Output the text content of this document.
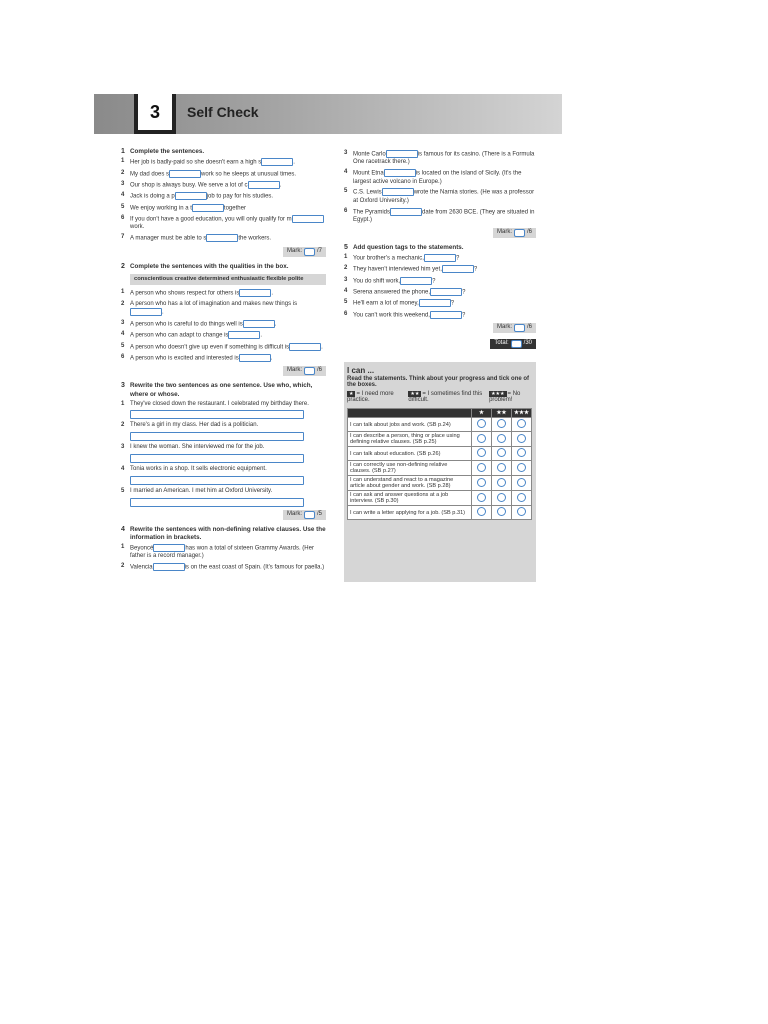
3	Self Check
1 Complete the sentences.
1 Her job is badly-paid so she doesn't earn a high s	.
2 My dad does s	work so he sleeps at unusual times.
3 Our shop is always busy. We serve a lot of c	.
4 Jack is doing a p	job to pay for his studies.
5 We enjoy working in a t	together
6 If you don't have a good education, you will only qualify for mwork.
7 A manager must be able to s	the workers.
Mark:	/7
2 Complete the sentences with the qualities in the box.
conscientious creative determined enthusiastic flexible polite
1 A person who shows respect for others is	.
2 A person who has a lot of imagination and makes new things is.
3 A person who is careful to do things well is	.
4 A person who can adapt to change is	.
5 A person who doesn't give up even if something is difficult is	.
6 A person who is excited and interested is	.
Mark:	/6
3 Rewrite the two sentences as one sentence. Use who, which, where or whose.
1 They've closed down the restaurant. I celebrated my birthday there.
2 There's a girl in my class. Her dad is a politician.
3 I knew the woman. She interviewed me for the job.
4 Tonia works in a shop. It sells electronic equipment.
5 I married an American. I met him at Oxford University.
Mark:	/5
4 Rewrite the sentences with non-defining relative clauses. Use the information in brackets.
1 Beyoncé	has won a total of sixteen Grammy Awards. (Her father is a record manager.)
2 Valencia	is on the east coast of Spain. (It's famous for paella.)
3 Monte Carlo	is famous for its casino. (There is a Formula One racetrack there.)
4 Mount Etna	is located on the island of Sicily. (It's the largest active volcano in Europe.)
5 C.S. Lewis	wrote the Narnia stories. (He was a professor at Oxford University.)
6 The Pyramids	date from 2630 BCE. (They are situated in Egypt.)
Mark:	/6
5 Add question tags to the statements.
1 Your brother's a mechanic,	?
2 They haven't interviewed him yet,	?
3 You do shift work,	?
4 Serena answered the phone,	?
5 He'll earn a lot of money,	?
6 You can't work this weekend,	?
Mark:	/6
Total:	/30
I can ...
Read the statements. Think about your progress and tick one of the boxes.
★ = I need more practice.
★★ = I sometimes find this difficult.
★★★ = No problem!
	★	★★	★★★
I can talk about jobs and work. (SB p.24)			
I can describe a person, thing or place using defining relative clauses. (SB p.25)			
I can talk about education. (SB p.26)			
I can correctly use non-defining relative clauses. (SB p.27)			
I can understand and react to a magazine article about gender and work. (SB p.28)			
I can ask and answer questions at a job interview. (SB p.30)			
I can write a letter applying for a job. (SB p.31)			
